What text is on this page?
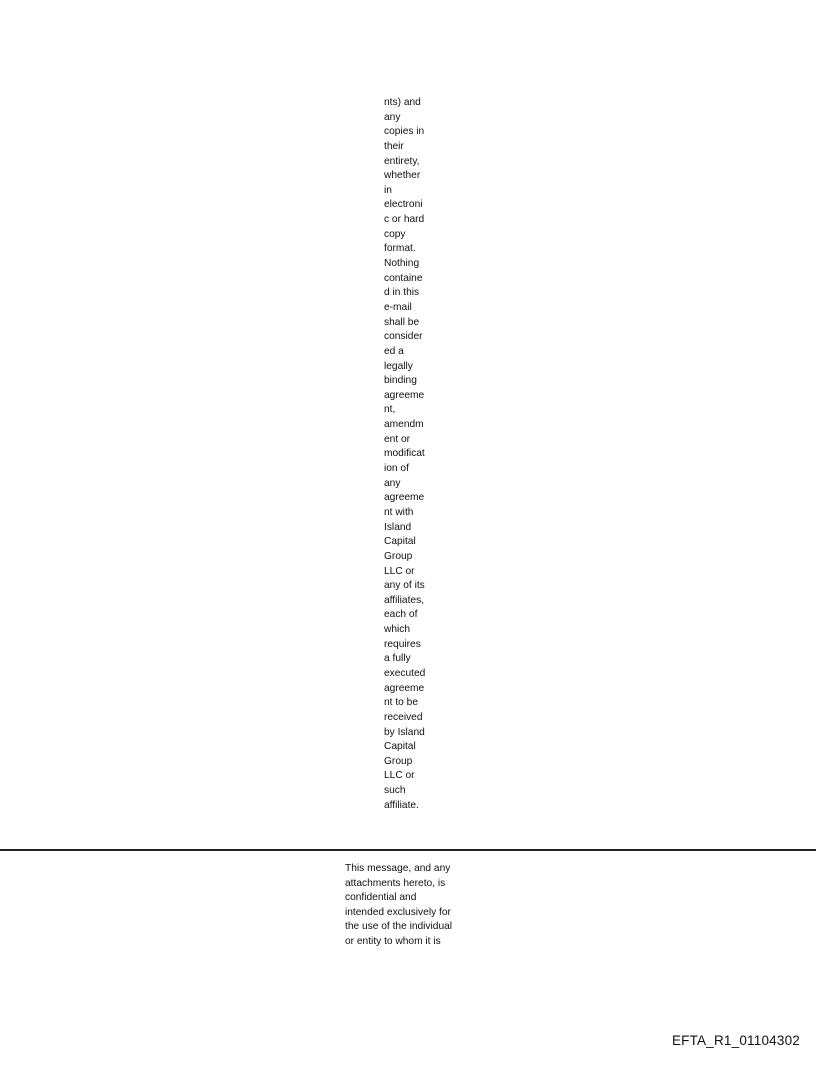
nts) and
any
copies in
their
entirety,
whether
in
electroni
c or hard
copy
format.
Nothing
containe
d in this
e-mail
shall be
consider
ed a
legally
binding
agreeme
nt,
amendm
ent or
modificat
ion of
any
agreeme
nt with
Island
Capital
Group
LLC or
any of its
affiliates,
each of
which
requires
a fully
executed
agreeme
nt to be
received
by Island
Capital
Group
LLC or
such
affiliate.
This message, and any
attachments hereto, is
confidential and
intended exclusively for
the use of the individual
or entity to whom it is
EFTA_R1_01104302
